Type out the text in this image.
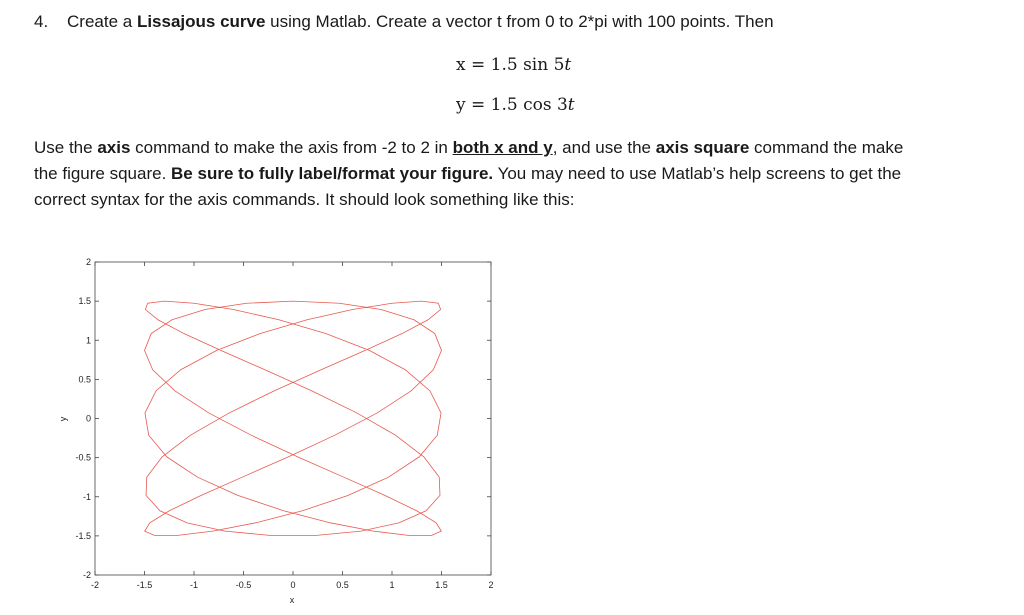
4. Create a Lissajous curve using Matlab. Create a vector t from 0 to 2*pi with 100 points. Then
x = 1.5 sin 5t
y = 1.5 cos 3t

Use the axis command to make the axis from -2 to 2 in both x and y, and use the axis square command the make

the figure square. Be sure to fully label/format your figure. You may need to use Matlab’s help screens to get the

correct syntax for the axis commands. It should look something like this:

-2	-1.5	-1	-0.5	0	0.5	1	1.5	2
2
1.5
1
0.5
0
-0.5
-1
-1.5
-2
x
y
